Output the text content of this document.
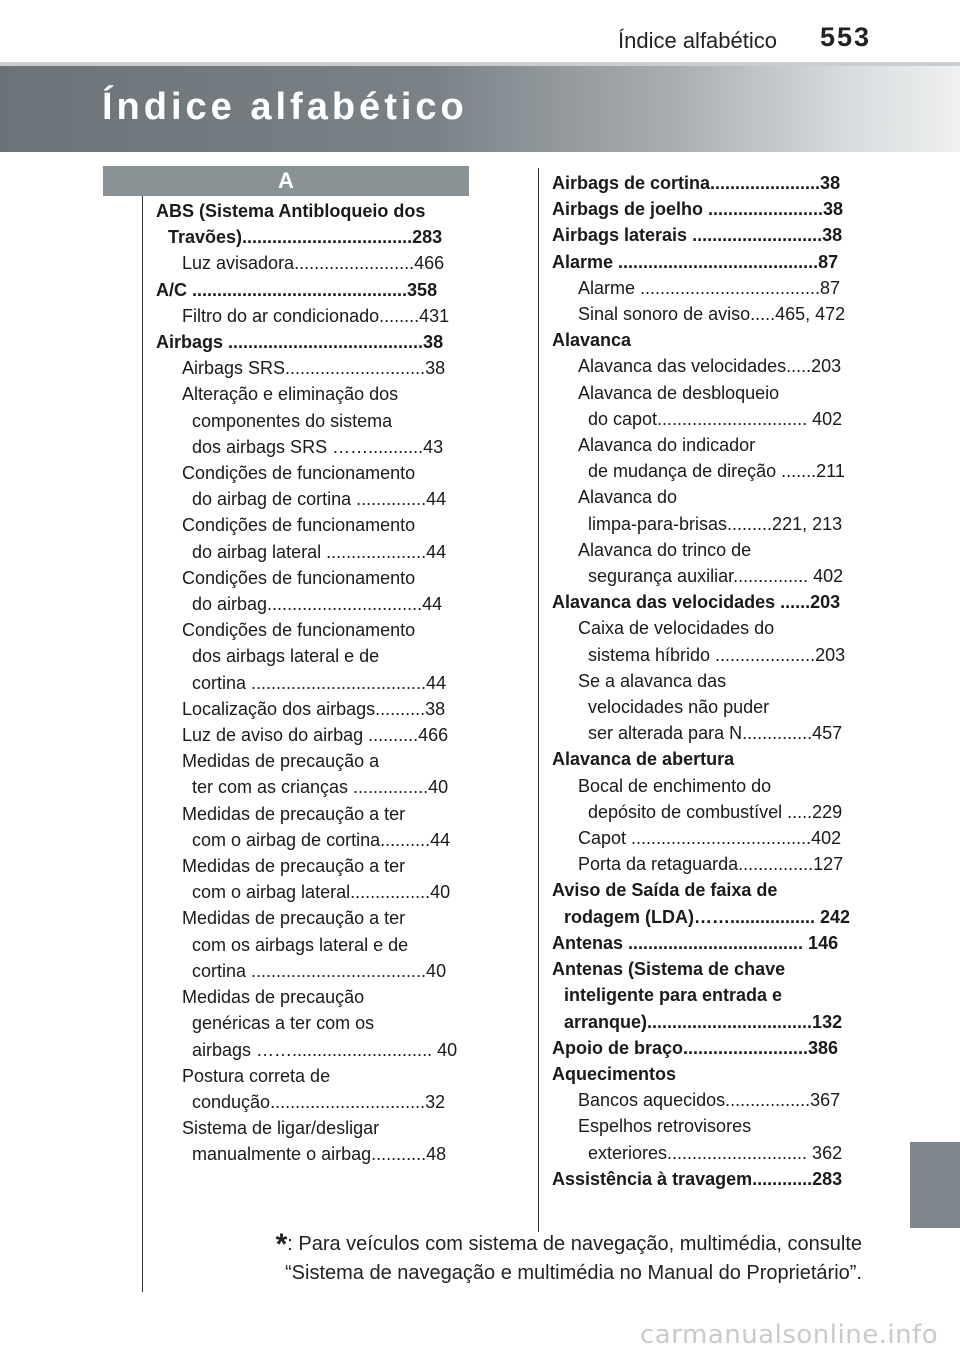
Índice alfabético 553
Índice alfabético
A
ABS (Sistema Antibloqueio dos
Travões)..................................283
Luz avisadora........................466
A/C ...........................................358
Filtro do ar condicionado........431
Airbags .......................................38
Airbags SRS............................38
Alteração e eliminação dos
componentes do sistema
dos airbags SRS ……...........43
Condições de funcionamento
do airbag de cortina ..............44
Condições de funcionamento
do airbag lateral ....................44
Condições de funcionamento
do airbag...............................44
Condições de funcionamento
dos airbags lateral e de
cortina ...................................44
Localização dos airbags..........38
Luz de aviso do airbag ..........466
Medidas de precaução a
ter com as crianças ...............40
Medidas de precaução a ter
com o airbag de cortina..........44
Medidas de precaução a ter
com o airbag lateral................40
Medidas de precaução a ter
com os airbags lateral e de
cortina ...................................40
Medidas de precaução
genéricas a ter com os
airbags ……............................ 40
Postura correta de
condução...............................32
Sistema de ligar/desligar
manualmente o airbag...........48
Airbags de cortina......................38
Airbags de joelho .......................38
Airbags laterais ..........................38
Alarme ........................................87
Alarme ....................................87
Sinal sonoro de aviso.....465, 472
Alavanca
Alavanca das velocidades.....203
Alavanca de desbloqueio
do capot.............................. 402
Alavanca do indicador
de mudança de direção .......211
Alavanca do
limpa-para-brisas.........221, 213
Alavanca do trinco de
segurança auxiliar............... 402
Alavanca das velocidades ......203
Caixa de velocidades do
sistema híbrido ....................203
Se a alavanca das
velocidades não puder
ser alterada para N..............457
Alavanca de abertura
Bocal de enchimento do
depósito de combustível .....229
Capot ....................................402
Porta da retaguarda...............127
Aviso de Saída de faixa de
rodagem (LDA)……................. 242
Antenas ................................... 146
Antenas (Sistema de chave
inteligente para entrada e
arranque).................................132
Apoio de braço.........................386
Aquecimentos
Bancos aquecidos.................367
Espelhos retrovisores
exteriores............................ 362
Assistência à travagem............283
*: Para veículos com sistema de navegação, multimédia, consulte
“Sistema de navegação e multimédia no Manual do Proprietário”.
carmanualsonline.info
